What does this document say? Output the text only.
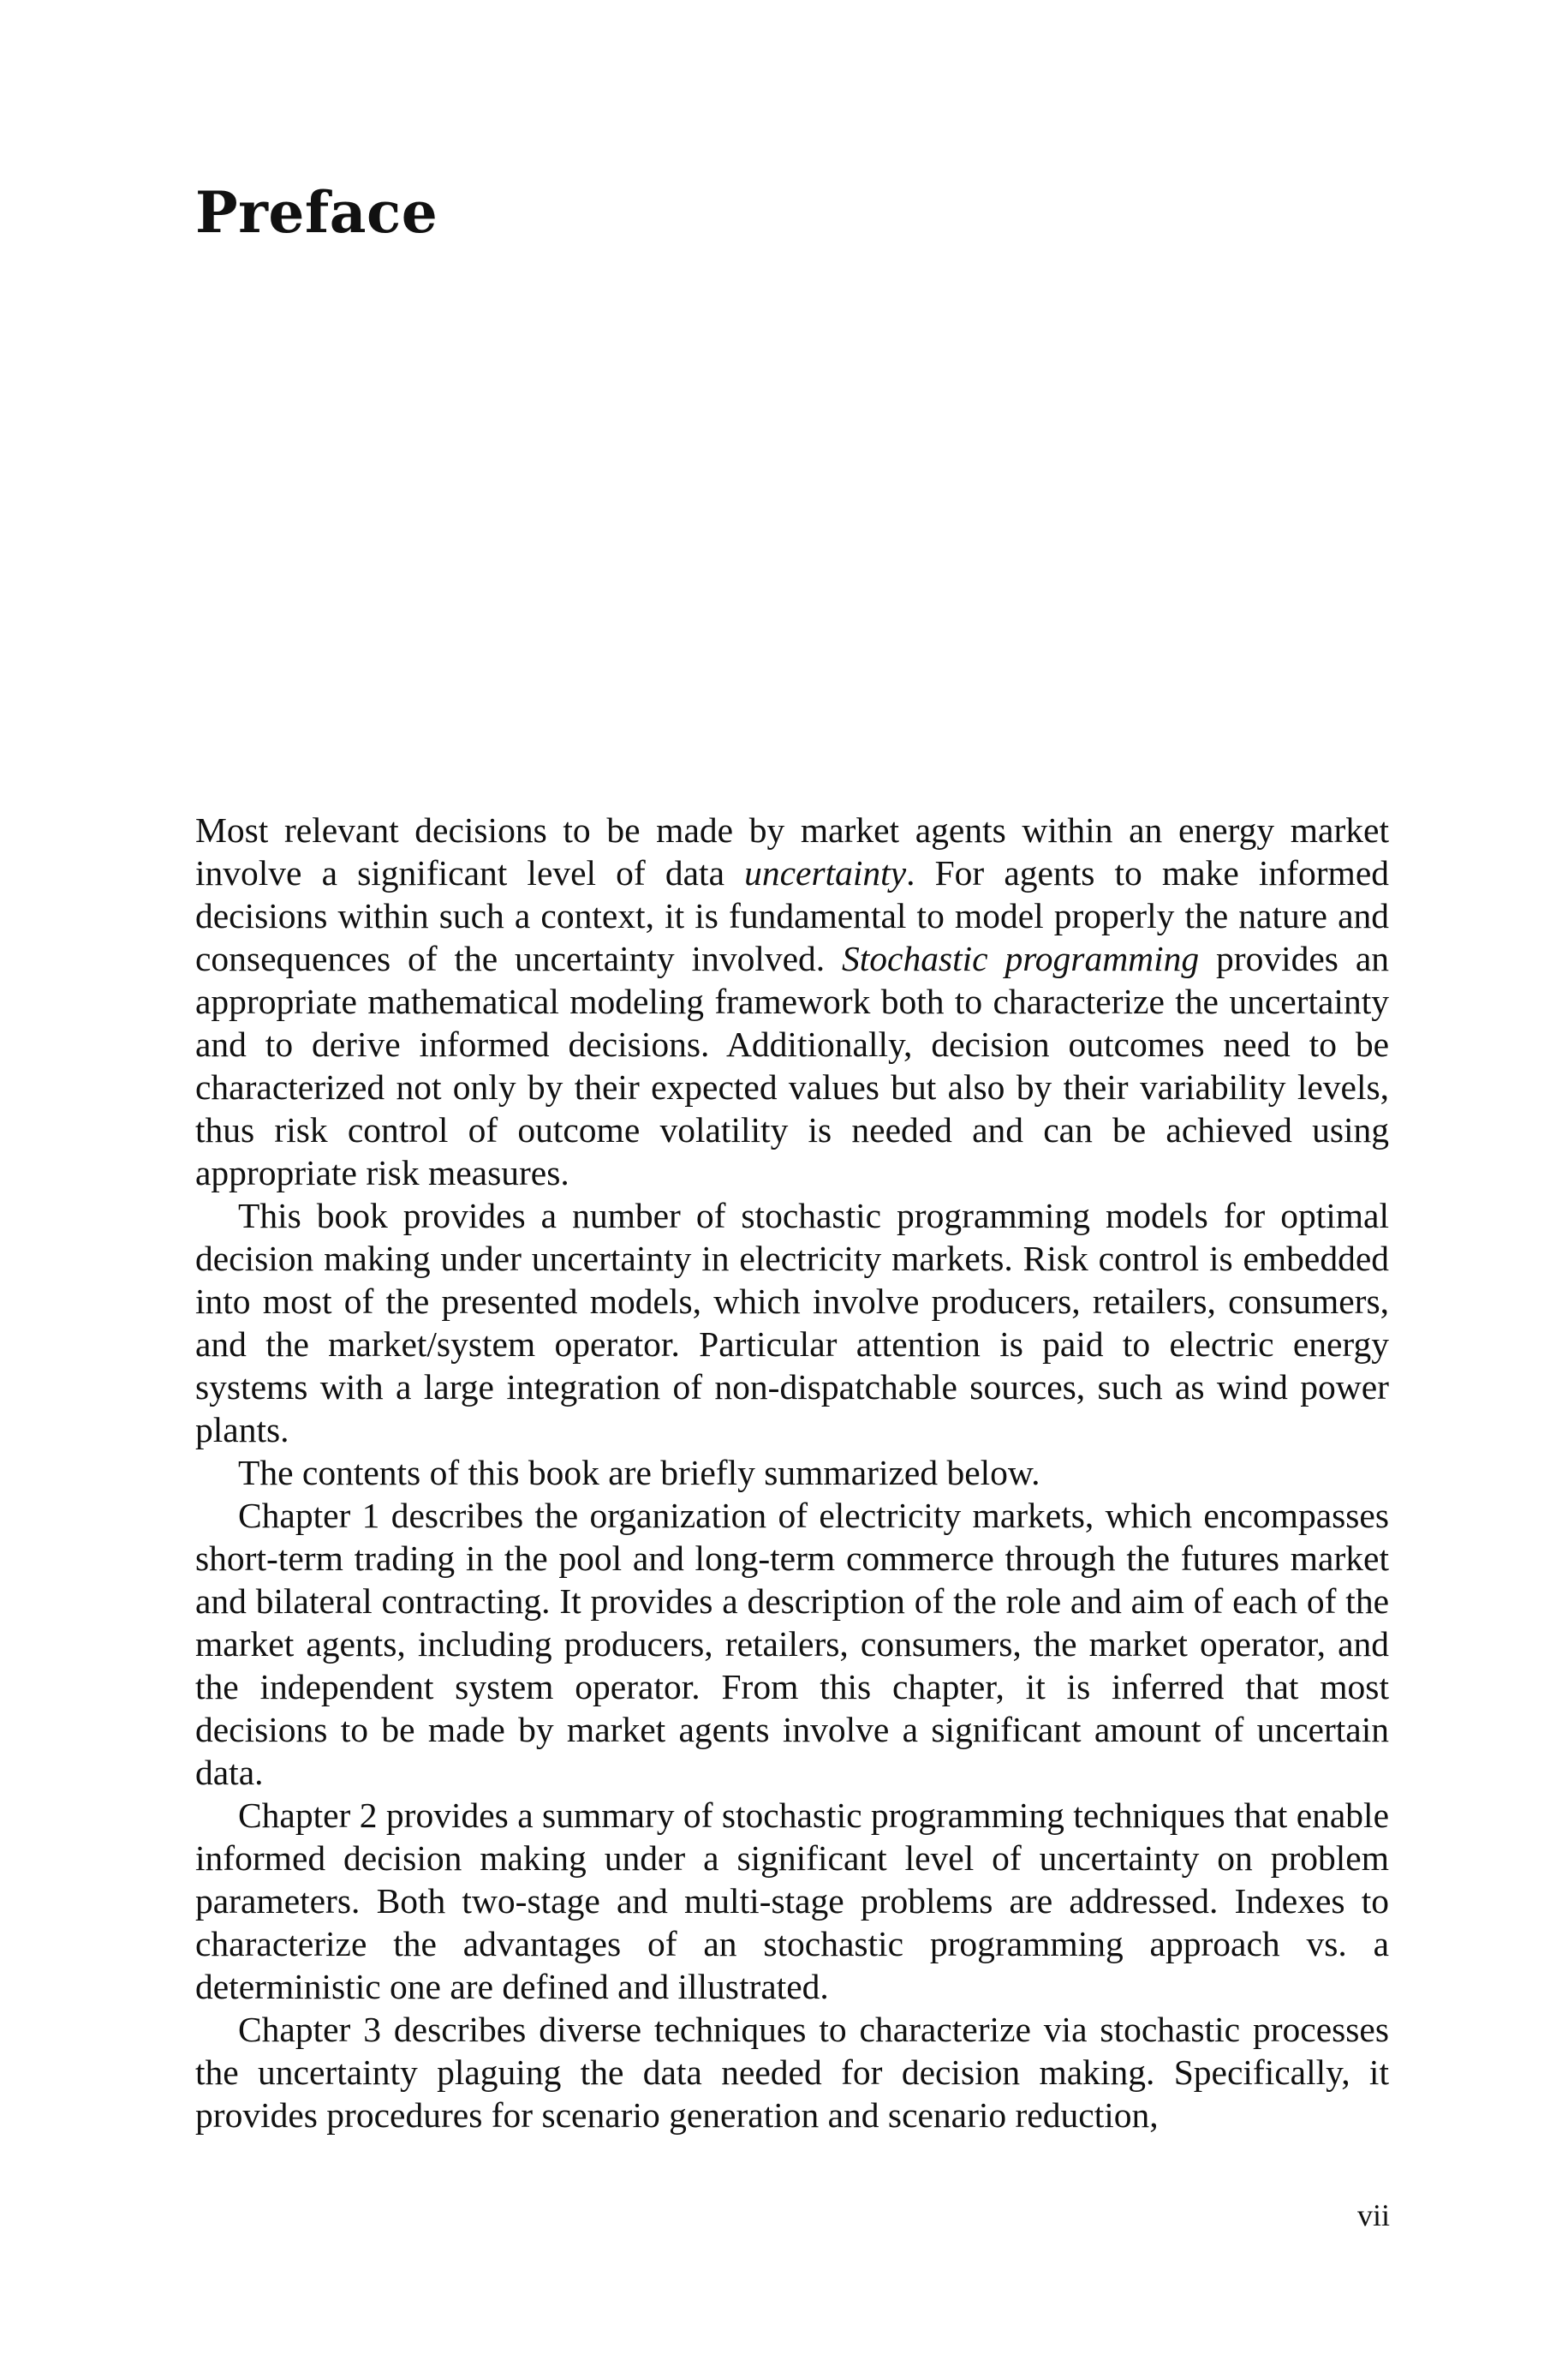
Preface

Most relevant decisions to be made by market agents within an energy market involve a significant level of data uncertainty. For agents to make informed decisions within such a context, it is fundamental to model properly the nature and consequences of the uncertainty involved. Stochastic programming provides an appropriate mathematical modeling framework both to characterize the uncertainty and to derive informed decisions. Additionally, decision outcomes need to be characterized not only by their expected values but also by their variability levels, thus risk control of outcome volatility is needed and can be achieved using appropriate risk measures.

This book provides a number of stochastic programming models for optimal decision making under uncertainty in electricity markets. Risk control is embedded into most of the presented models, which involve producers, retailers, consumers, and the market/system operator. Particular attention is paid to electric energy systems with a large integration of non-dispatchable sources, such as wind power plants.

The contents of this book are briefly summarized below.

Chapter 1 describes the organization of electricity markets, which encompasses short-term trading in the pool and long-term commerce through the futures market and bilateral contracting. It provides a description of the role and aim of each of the market agents, including producers, retailers, consumers, the market operator, and the independent system operator. From this chapter, it is inferred that most decisions to be made by market agents involve a significant amount of uncertain data.

Chapter 2 provides a summary of stochastic programming techniques that enable informed decision making under a significant level of uncertainty on problem parameters. Both two-stage and multi-stage problems are addressed. Indexes to characterize the advantages of an stochastic programming approach vs. a deterministic one are defined and illustrated.

Chapter 3 describes diverse techniques to characterize via stochastic processes the uncertainty plaguing the data needed for decision making. Specifically, it provides procedures for scenario generation and scenario reduction,

vii
